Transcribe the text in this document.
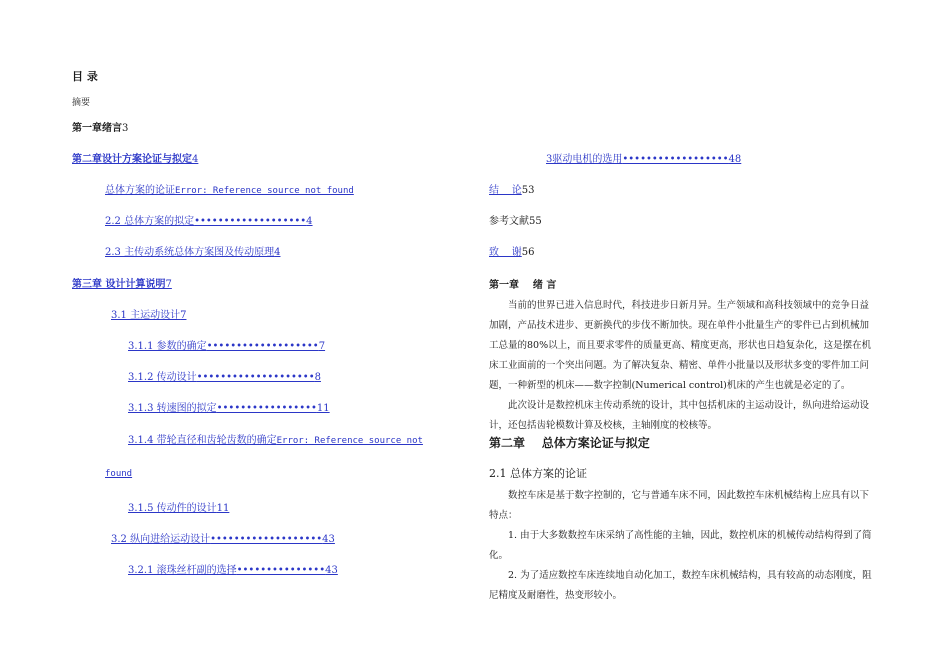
目 录
摘要
第一章绪言3
第二章设计方案论证与拟定4
总体方案的论证Error: Reference source not found
2.2 总体方案的拟定•••••••••••••••••••4
2.3 主传动系统总体方案图及传动原理4
第三章 设计计算说明7
3.1 主运动设计7
3.1.1 参数的确定•••••••••••••••••••7
3.1.2 传动设计••••••••••••••••••••8
3.1.3 转速图的拟定•••••••••••••••••11
3.1.4 带轮直径和齿轮齿数的确定Error: Reference source not
found
3.1.5 传动件的设计11
3.2 纵向进给运动设计•••••••••••••••••••43
3.2.1 滚珠丝杆副的选择•••••••••••••••43
3驱动电机的选用••••••••••••••••••48
结    论53
参考文献55
致    谢56
第一章    绪 言
当前的世界已进入信息时代，科技进步日新月异。生产领域和高科技领域中的竞争日益
加剧，产品技术进步、更新换代的步伐不断加快。现在单件小批量生产的零件已占到机械加
工总量的80%以上，而且要求零件的质量更高、精度更高，形状也日趋复杂化，这是摆在机
床工业面前的一个突出问题。为了解决复杂、精密、单件小批量以及形状多变的零件加工问
题，一种新型的机床——数字控制(Numerical control)机床的产生也就是必定的了。
此次设计是数控机床主传动系统的设计，其中包括机床的主运动设计，纵向进给运动设
计，还包括齿轮模数计算及校核，主轴刚度的校核等。
第二章    总体方案论证与拟定
2.1 总体方案的论证
数控车床是基于数字控制的，它与普通车床不同，因此数控车床机械结构上应具有以下
特点：
1. 由于大多数数控车床采纳了高性能的主轴，因此，数控机床的机械传动结构得到了简
化。
2. 为了适应数控车床连续地自动化加工，数控车床机械结构，具有较高的动态刚度，阻
尼精度及耐磨性，热变形较小。
